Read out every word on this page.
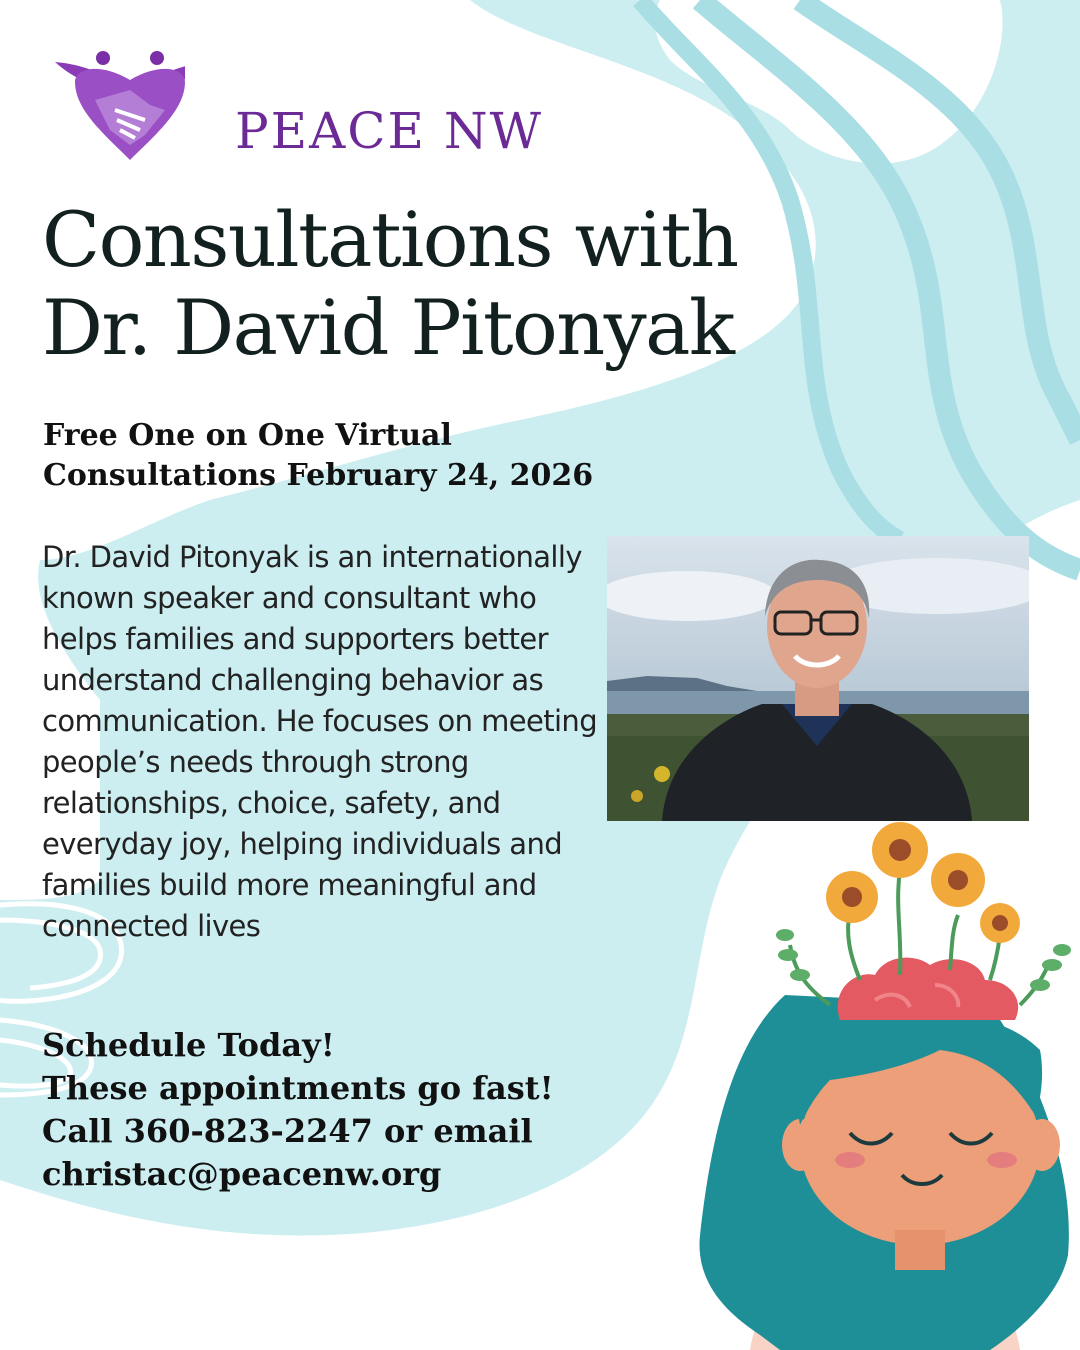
PEACE NW
Consultations with
Dr. David Pitonyak
Free One on One Virtual
Consultations February 24, 2026
Dr. David Pitonyak is an internationally known speaker and consultant who helps families and supporters better understand challenging behavior as communication. He focuses on meeting people’s needs through strong relationships, choice, safety, and everyday joy, helping individuals and families build more meaningful and connected lives
Schedule Today!
These appointments go fast!
Call 360-823-2247 or email
christac@peacenw.org
